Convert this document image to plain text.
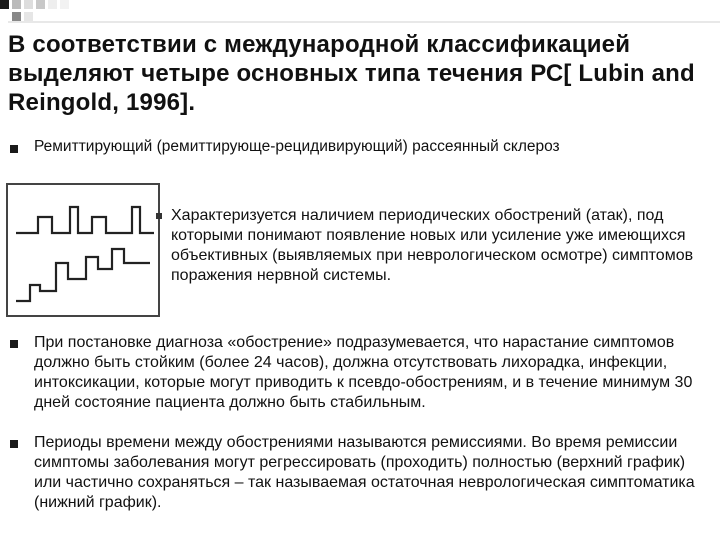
В соответствии с международной классификацией выделяют четыре основных типа течения РС[ Lubin and Reingold, 1996].
Ремиттирующий (ремиттирующе-рецидивирующий) рассеянный склероз
Характеризуется наличием периодических обострений (атак), под которыми понимают появление новых или усиление уже имеющихся объективных (выявляемых при неврологическом осмотре) симптомов поражения нервной системы.
При постановке диагноза «обострение» подразумевается, что нарастание симптомов должно быть стойким (более 24 часов), должна отсутствовать лихорадка, инфекции, интоксикации, которые могут приводить к псевдо-обострениям, и в течение минимум 30 дней состояние пациента должно быть стабильным.
Периоды времени между обострениями называются ремиссиями. Во время ремиссии симптомы заболевания могут регрессировать (проходить) полностью (верхний график) или частично сохраняться – так называемая остаточная неврологическая симптоматика (нижний график).
